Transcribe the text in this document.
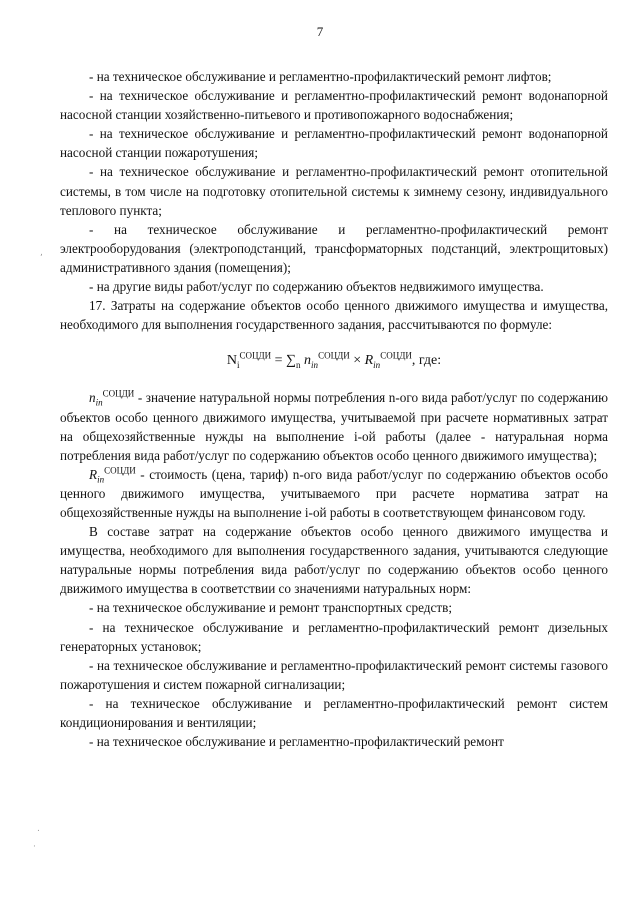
7

- на техническое обслуживание и регламентно-профилактический ремонт лифтов;

- на техническое обслуживание и регламентно-профилактический ремонт водонапорной насосной станции хозяйственно-питьевого и противопожарного водоснабжения;

- на техническое обслуживание и регламентно-профилактический ремонт водонапорной насосной станции пожаротушения;

- на техническое обслуживание и регламентно-профилактический ремонт отопительной системы, в том числе на подготовку отопительной системы к зимнему сезону, индивидуального теплового пункта;

- на техническое обслуживание и регламентно-профилактический ремонт электрооборудования (электроподстанций, трансформаторных подстанций, электрощитовых) административного здания (помещения);

- на другие виды работ/услуг по содержанию объектов недвижимого имущества.

17. Затраты на содержание объектов особо ценного движимого имущества и имущества, необходимого для выполнения государственного задания, рассчитываются по формуле:

$N_i^{СОЦДИ} = \sum_n$ $n_{in}^{СОЦДИ} \times R_{in}^{СОЦДИ}$, где:

$n_{in}^{СОЦДИ}$ - значение натуральной нормы потребления n-ого вида работ/услуг по содержанию объектов особо ценного движимого имущества, учитываемой при расчете нормативных затрат на общехозяйственные нужды на выполнение i-ой работы (далее - натуральная норма потребления вида работ/услуг по содержанию объектов особо ценного движимого имущества);

$R_{in}^{СОЦДИ}$ - стоимость (цена, тариф) n-ого вида работ/услуг по содержанию объектов особо ценного движимого имущества, учитываемого при расчете норматива затрат на общехозяйственные нужды на выполнение i-ой работы в соответствующем финансовом году.

В составе затрат на содержание объектов особо ценного движимого имущества и имущества, необходимого для выполнения государственного задания, учитываются следующие натуральные нормы потребления вида работ/услуг по содержанию объектов особо ценного движимого имущества в соответствии со значениями натуральных норм:

- на техническое обслуживание и ремонт транспортных средств;

- на техническое обслуживание и регламентно-профилактический ремонт дизельных генераторных установок;

- на техническое обслуживание и регламентно-профилактический ремонт системы газового пожаротушения и систем пожарной сигнализации;

- на техническое обслуживание и регламентно-профилактический ремонт систем кондиционирования и вентиляции;

- на техническое обслуживание и регламентно-профилактический ремонт

,
.
·
